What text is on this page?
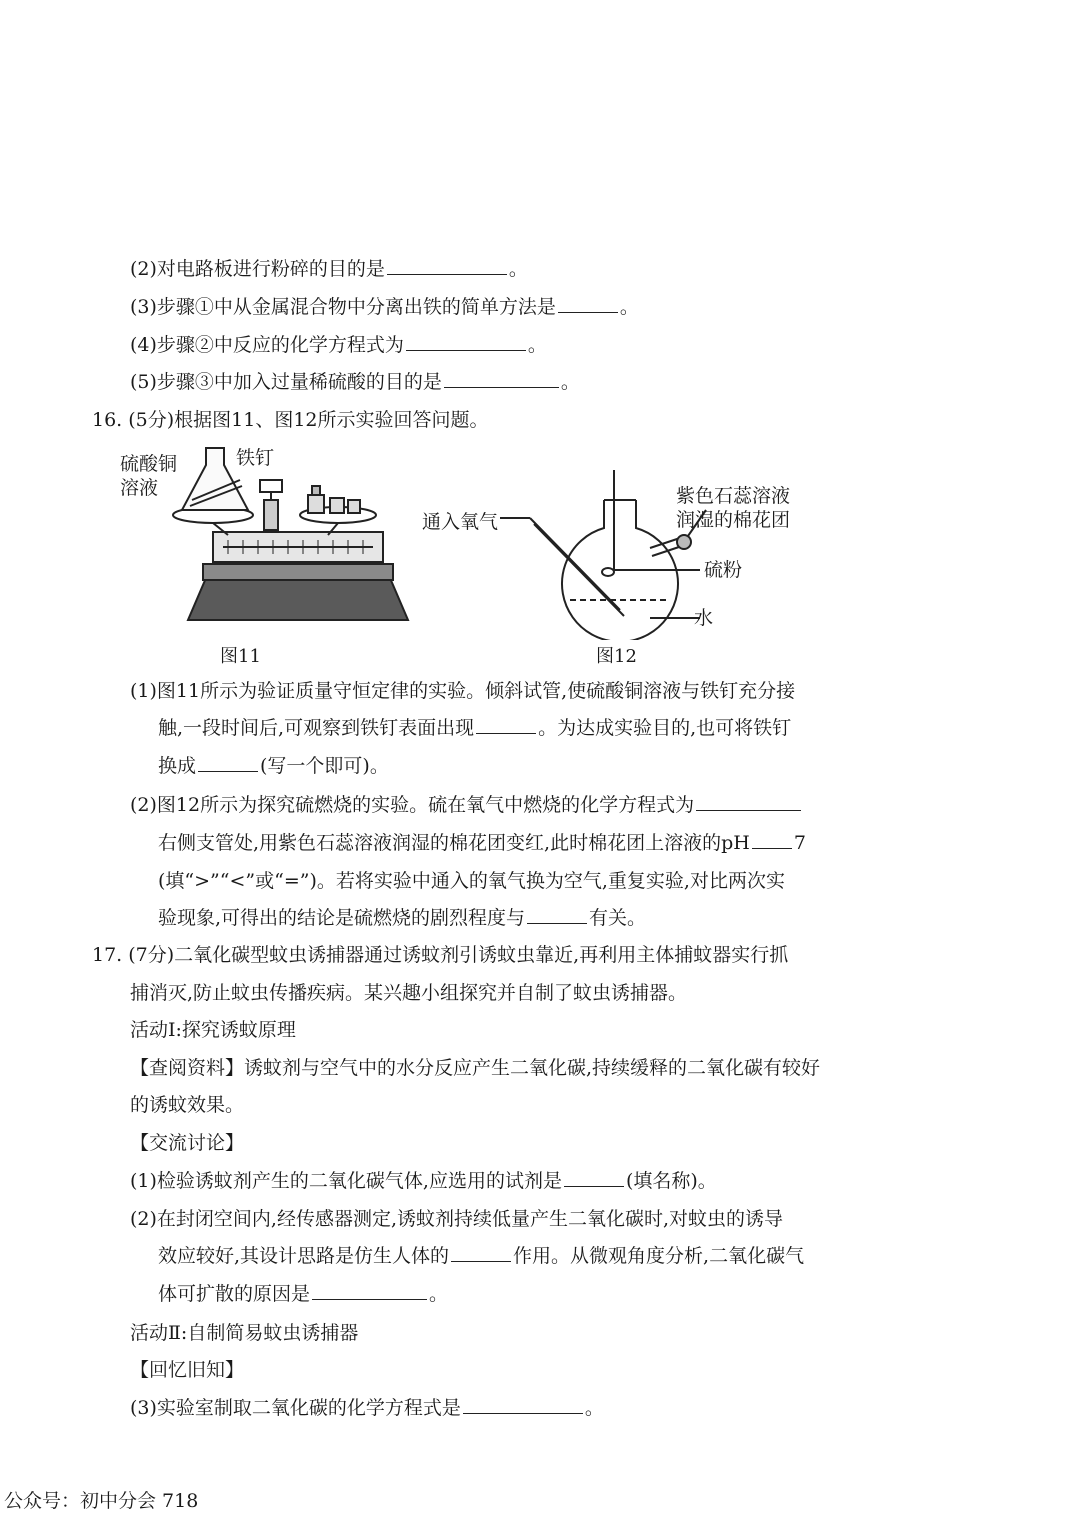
(2)对电路板进行粉碎的目的是	。
(3)步骤①中从金属混合物中分离出铁的简单方法是	。
(4)步骤②中反应的化学方程式为	。
(5)步骤③中加入过量稀硫酸的目的是	。
16. (5分)根据图11、图12所示实验回答问题。
硫酸铜
溶液
铁钉
图11
通入氧气
紫色石蕊溶液
润湿的棉花团
硫粉
水
图12
(1)图11所示为验证质量守恒定律的实验。倾斜试管,使硫酸铜溶液与铁钉充分接
触,一段时间后,可观察到铁钉表面出现	。为达成实验目的,也可将铁钉
换成	(写一个即可)。
(2)图12所示为探究硫燃烧的实验。硫在氧气中燃烧的化学方程式为
右侧支管处,用紫色石蕊溶液润湿的棉花团变红,此时棉花团上溶液的pH 7
(填“>”“<”或“=”)。若将实验中通入的氧气换为空气,重复实验,对比两次实
验现象,可得出的结论是硫燃烧的剧烈程度与	有关。
17. (7分)二氧化碳型蚊虫诱捕器通过诱蚊剂引诱蚊虫靠近,再利用主体捕蚊器实行抓
捕消灭,防止蚊虫传播疾病。某兴趣小组探究并自制了蚊虫诱捕器。
活动Ⅰ:探究诱蚊原理
【查阅资料】诱蚊剂与空气中的水分反应产生二氧化碳,持续缓释的二氧化碳有较好
的诱蚊效果。
【交流讨论】
(1)检验诱蚊剂产生的二氧化碳气体,应选用的试剂是	(填名称)。
(2)在封闭空间内,经传感器测定,诱蚊剂持续低量产生二氧化碳时,对蚊虫的诱导
效应较好,其设计思路是仿生人体的	作用。从微观角度分析,二氧化碳气
体可扩散的原因是	。
活动Ⅱ:自制简易蚊虫诱捕器
【回忆旧知】
(3)实验室制取二氧化碳的化学方程式是	。
公众号：初中分会 718
